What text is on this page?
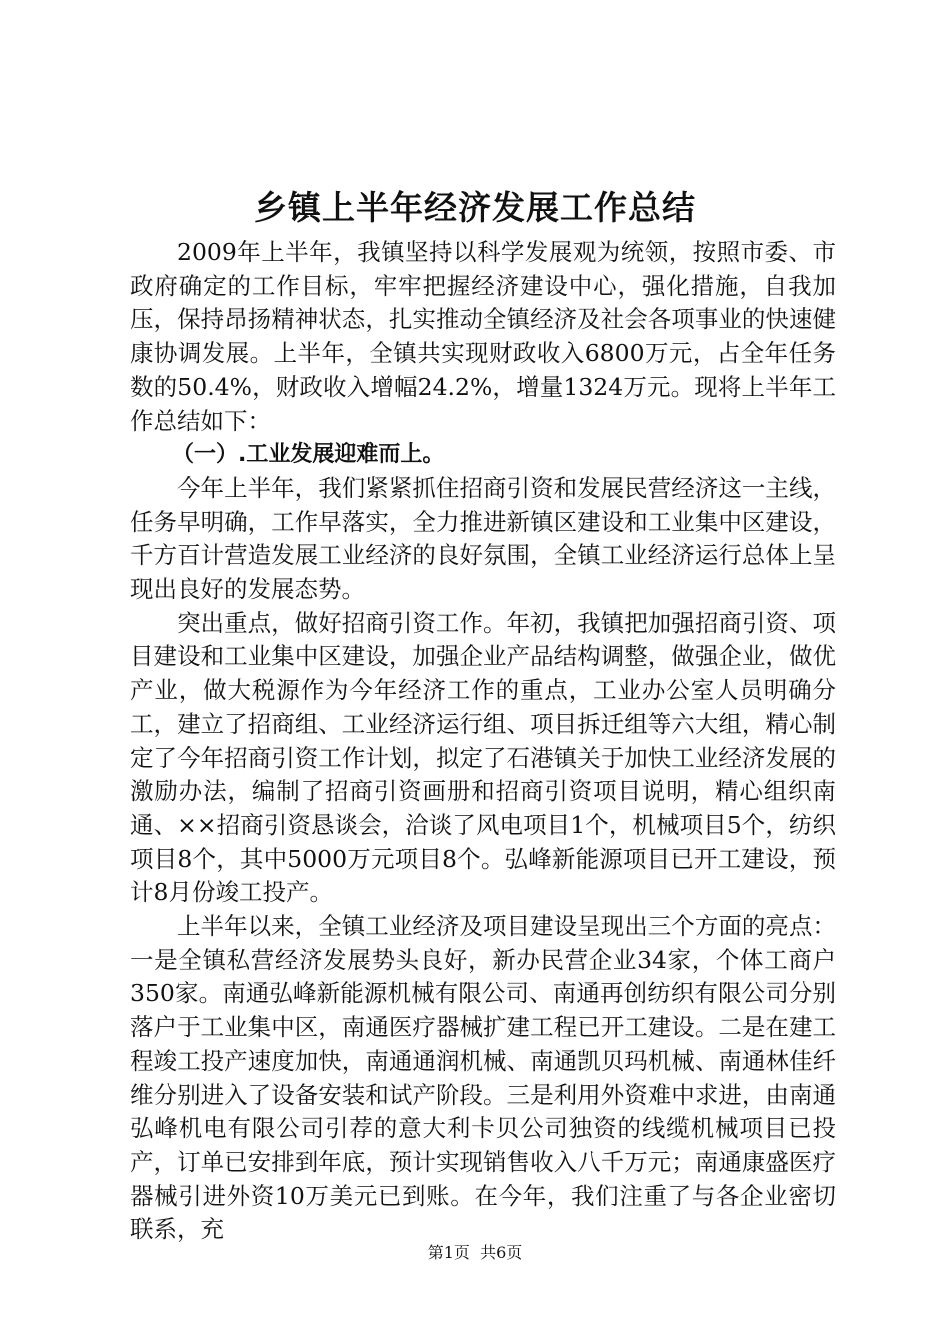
乡镇上半年经济发展工作总结

2009年上半年，我镇坚持以科学发展观为统领，按照市委、市政府确定的工作目标，牢牢把握经济建设中心，强化措施，自我加压，保持昂扬精神状态，扎实推动全镇经济及社会各项事业的快速健康协调发展。上半年，全镇共实现财政收入6800万元，占全年任务数的50.4%，财政收入增幅24.2%，增量1324万元。现将上半年工作总结如下：

（一）.工业发展迎难而上。

今年上半年，我们紧紧抓住招商引资和发展民营经济这一主线，任务早明确，工作早落实，全力推进新镇区建设和工业集中区建设，千方百计营造发展工业经济的良好氛围，全镇工业经济运行总体上呈现出良好的发展态势。

突出重点，做好招商引资工作。年初，我镇把加强招商引资、项目建设和工业集中区建设，加强企业产品结构调整，做强企业，做优产业，做大税源作为今年经济工作的重点，工业办公室人员明确分工，建立了招商组、工业经济运行组、项目拆迁组等六大组，精心制定了今年招商引资工作计划，拟定了石港镇关于加快工业经济发展的激励办法，编制了招商引资画册和招商引资项目说明，精心组织南通、××招商引资恳谈会，洽谈了风电项目1个，机械项目5个，纺织项目8个，其中5000万元项目8个。弘峰新能源项目已开工建设，预计8月份竣工投产。

上半年以来，全镇工业经济及项目建设呈现出三个方面的亮点：一是全镇私营经济发展势头良好，新办民营企业34家，个体工商户350家。南通弘峰新能源机械有限公司、南通再创纺织有限公司分别落户于工业集中区，南通医疗器械扩建工程已开工建设。二是在建工程竣工投产速度加快，南通通润机械、南通凯贝玛机械、南通林佳纤维分别进入了设备安装和试产阶段。三是利用外资难中求进，由南通弘峰机电有限公司引荐的意大利卡贝公司独资的线缆机械项目已投产，订单已安排到年底，预计实现销售收入八千万元；南通康盛医疗器械引进外资10万美元已到账。在今年，我们注重了与各企业密切联系，充

第1页 共6页
